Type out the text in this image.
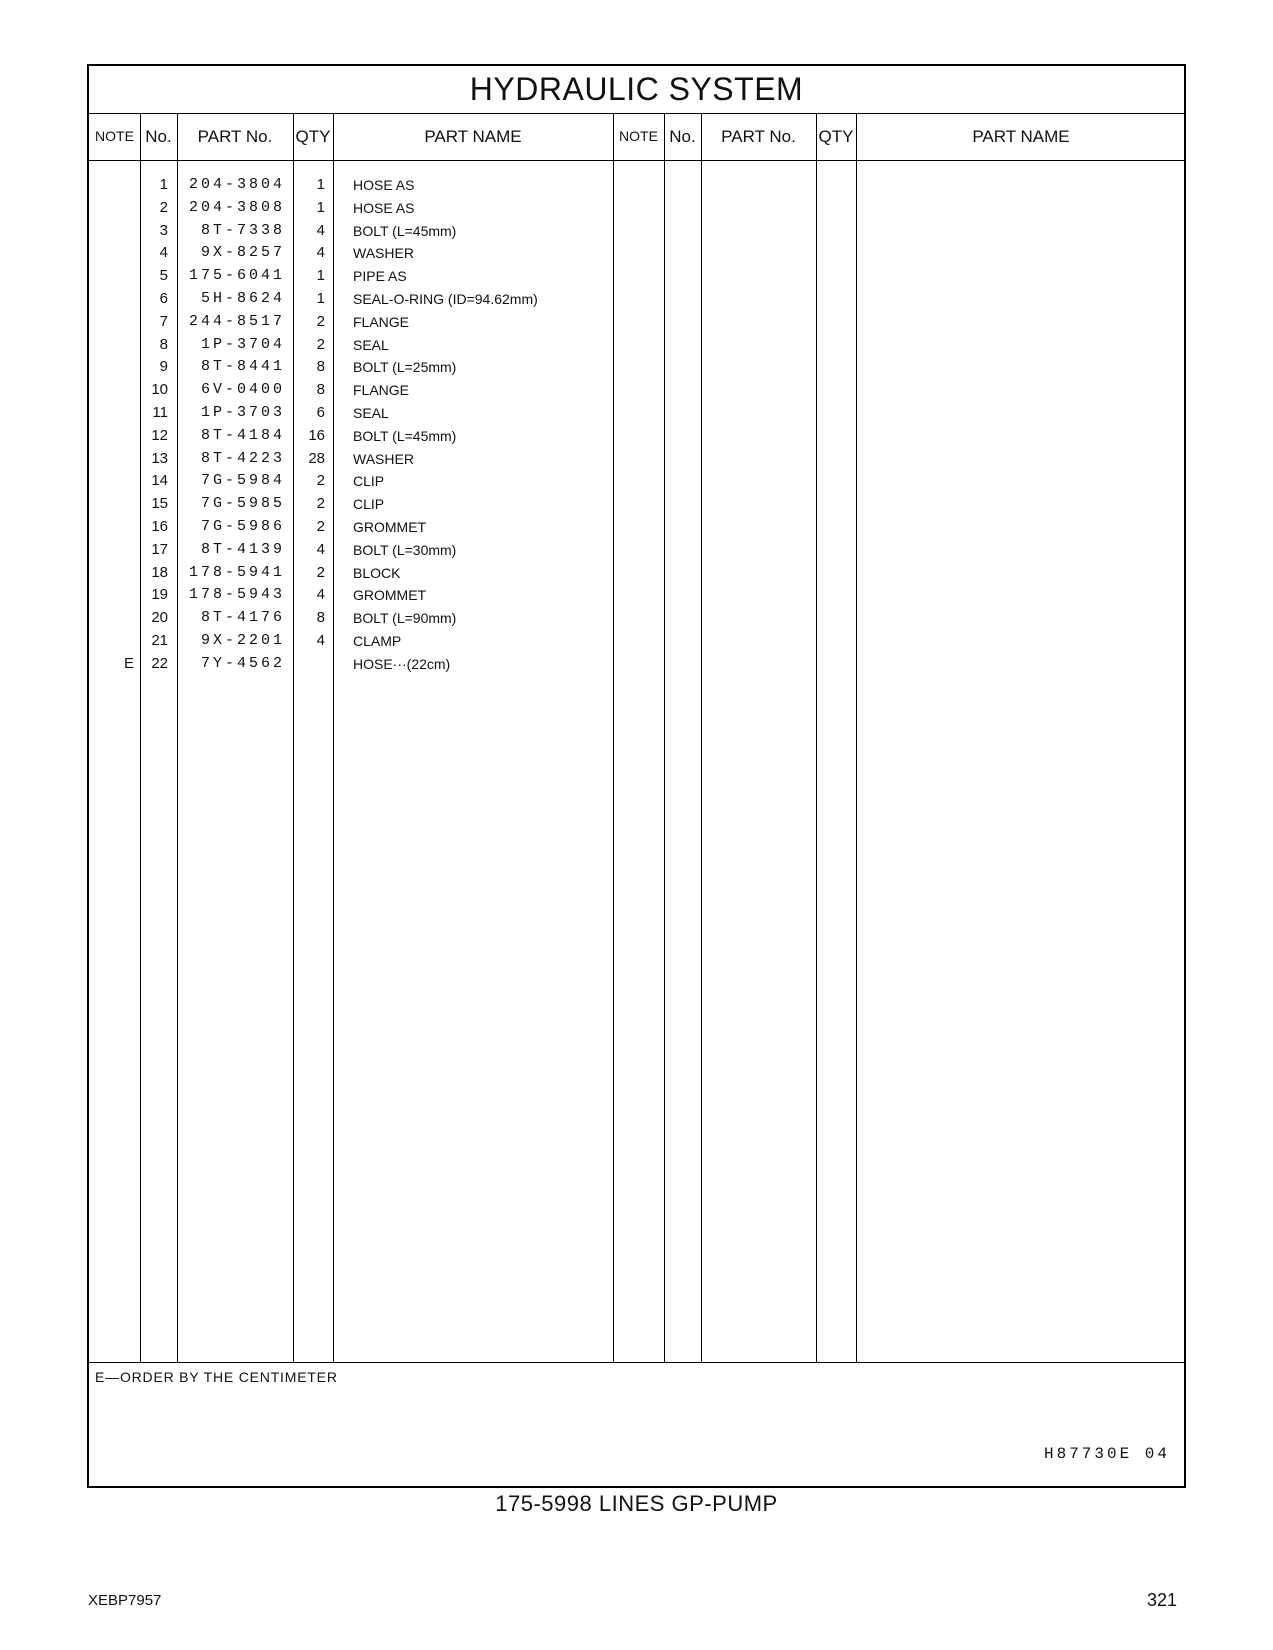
HYDRAULIC SYSTEM
NOTE No.	PART No.	QTY	PART NAME	NOTE No.	PART No.	QTY	PART NAME
1	204-3804	1 HOSE AS
2	204-3808	1 HOSE AS
3	8T-7338	4 BOLT (L=45mm)
4	9X-8257	4 WASHER
5	175-6041	1 PIPE AS
6	5H-8624	1 SEAL-O-RING (ID=94.62mm)
7	244-8517	2 FLANGE
8	1P-3704	2 SEAL
9	8T-8441	8 BOLT (L=25mm)
10	6V-0400	8 FLANGE
11	1P-3703	6 SEAL
12	8T-4184	16 BOLT (L=45mm)
13	8T-4223	28 WASHER
14	7G-5984	2 CLIP
15	7G-5985	2 CLIP
16	7G-5986	2 GROMMET
17	8T-4139	4 BOLT (L=30mm)
18	178-5941	2 BLOCK
19	178-5943	4 GROMMET
20	8T-4176	8 BOLT (L=90mm)
21	9X-2201	4 CLAMP
E	22	7Y-4562	HOSE···(22cm)
E—ORDER BY THE CENTIMETER
H87730E 04
175-5998 LINES GP-PUMP
XEBP7957	321
